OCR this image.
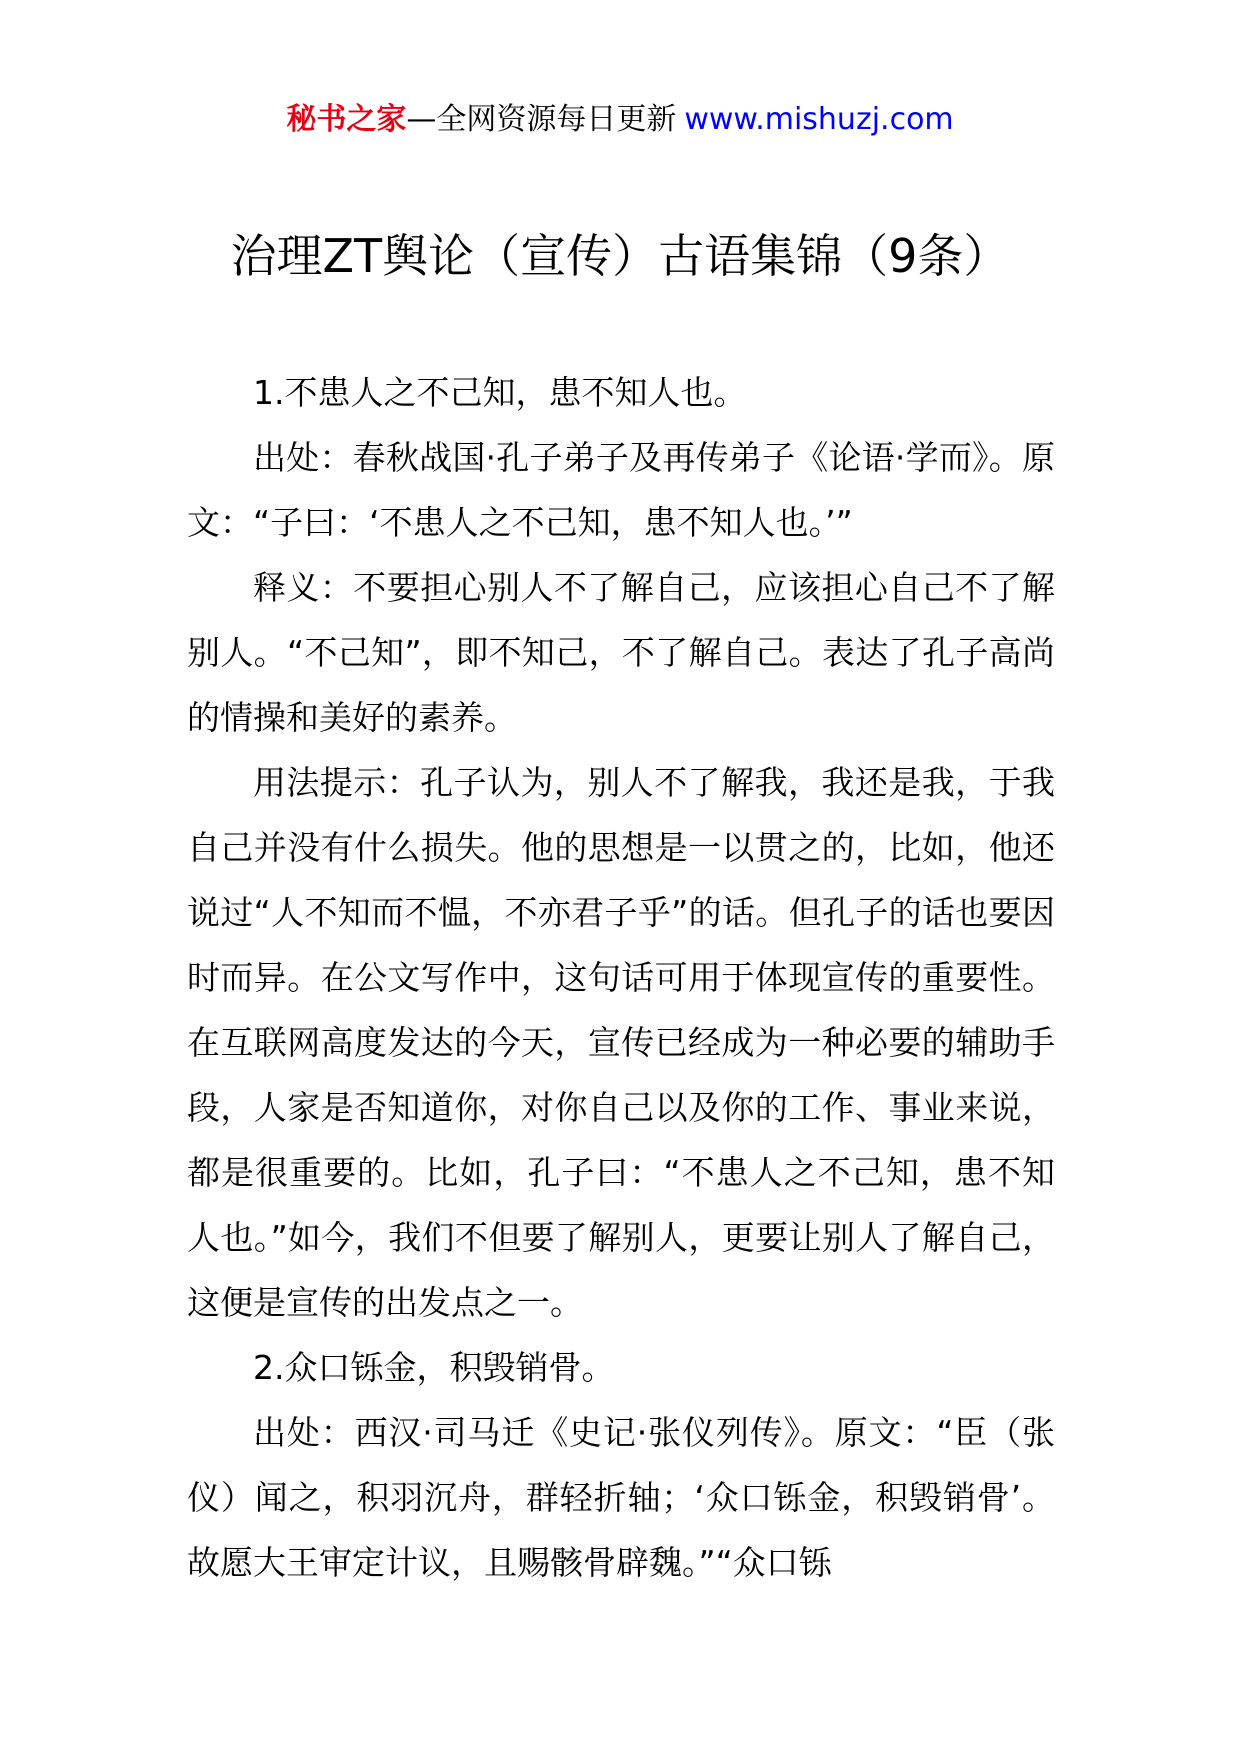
秘书之家—全网资源每日更新 www.mishuzj.com
治理ZT舆论（宣传）古语集锦（9条）

1.不患人之不己知，患不知人也。

出处：春秋战国·孔子弟子及再传弟子《论语·学而》。原文：“子曰：‘不患人之不己知，患不知人也。’”

释义：不要担心别人不了解自己，应该担心自己不了解别人。“不己知”，即不知己，不了解自己。表达了孔子高尚的情操和美好的素养。

用法提示：孔子认为，别人不了解我，我还是我，于我自己并没有什么损失。他的思想是一以贯之的，比如，他还说过“人不知而不愠，不亦君子乎”的话。但孔子的话也要因时而异。在公文写作中，这句话可用于体现宣传的重要性。在互联网高度发达的今天，宣传已经成为一种必要的辅助手段，人家是否知道你，对你自己以及你的工作、事业来说，都是很重要的。比如，孔子曰：“不患人之不己知，患不知人也。”如今，我们不但要了解别人，更要让别人了解自己，这便是宣传的出发点之一。

2.众口铄金，积毁销骨。

出处：西汉·司马迁《史记·张仪列传》。原文：“臣（张仪）闻之，积羽沉舟，群轻折轴；‘众口铄金，积毁销骨’。故愿大王审定计议，且赐骸骨辟魏。”“众口铄
